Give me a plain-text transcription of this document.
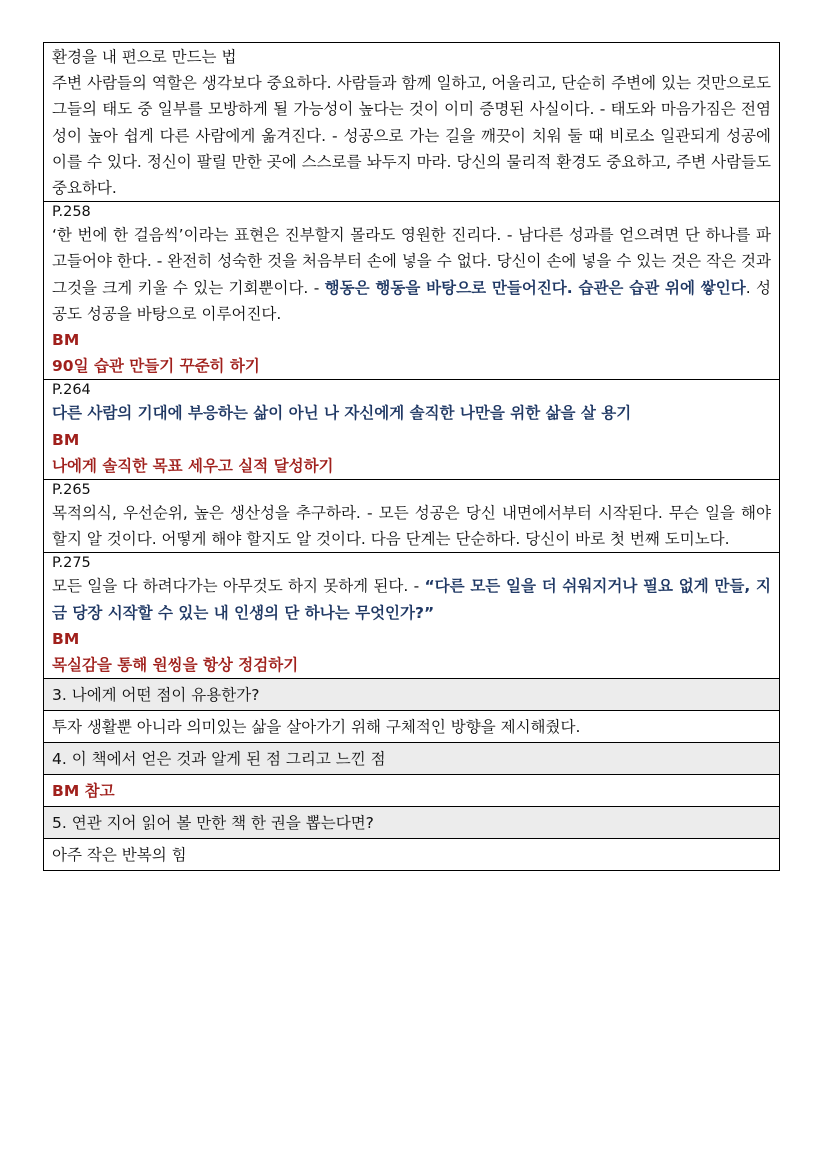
환경을 내 편으로 만드는 법
주변 사람들의 역할은 생각보다 중요하다. 사람들과 함께 일하고, 어울리고, 단순히 주변에 있는 것만으로도 그들의 태도 중 일부를 모방하게 될 가능성이 높다는 것이 이미 증명된 사실이다. - 태도와 마음가짐은 전염성이 높아 쉽게 다른 사람에게 옮겨진다. - 성공으로 가는 길을 깨끗이 치워 둘 때 비로소 일관되게 성공에 이를 수 있다. 정신이 팔릴 만한 곳에 스스로를 놔두지 마라. 당신의 물리적 환경도 중요하고, 주변 사람들도 중요하다.
P.258
‘한 번에 한 걸음씩’이라는 표현은 진부할지 몰라도 영원한 진리다. - 남다른 성과를 얻으려면 단 하나를 파고들어야 한다. - 완전히 성숙한 것을 처음부터 손에 넣을 수 없다. 당신이 손에 넣을 수 있는 것은 작은 것과 그것을 크게 키울 수 있는 기회뿐이다. - 행동은 행동을 바탕으로 만들어진다. 습관은 습관 위에 쌓인다. 성공도 성공을 바탕으로 이루어진다.
BM
90일 습관 만들기 꾸준히 하기
P.264
다른 사람의 기대에 부응하는 삶이 아닌 나 자신에게 솔직한 나만을 위한 삶을 살 용기
BM
나에게 솔직한 목표 세우고 실적 달성하기
P.265
목적의식, 우선순위, 높은 생산성을 추구하라. - 모든 성공은 당신 내면에서부터 시작된다. 무슨 일을 해야 할지 알 것이다. 어떻게 해야 할지도 알 것이다. 다음 단계는 단순하다. 당신이 바로 첫 번째 도미노다.
P.275
모든 일을 다 하려다가는 아무것도 하지 못하게 된다. - “다른 모든 일을 더 쉬워지거나 필요 없게 만들, 지금 당장 시작할 수 있는 내 인생의 단 하나는 무엇인가?”
BM
목실감을 통해 원씽을 항상 정검하기
3. 나에게 어떤 점이 유용한가?
투자 생활뿐 아니라 의미있는 삶을 살아가기 위해 구체적인 방향을 제시해줬다.
4. 이 책에서 얻은 것과 알게 된 점 그리고 느낀 점
BM 참고
5. 연관 지어 읽어 볼 만한 책 한 권을 뽑는다면?
아주 작은 반복의 힘
